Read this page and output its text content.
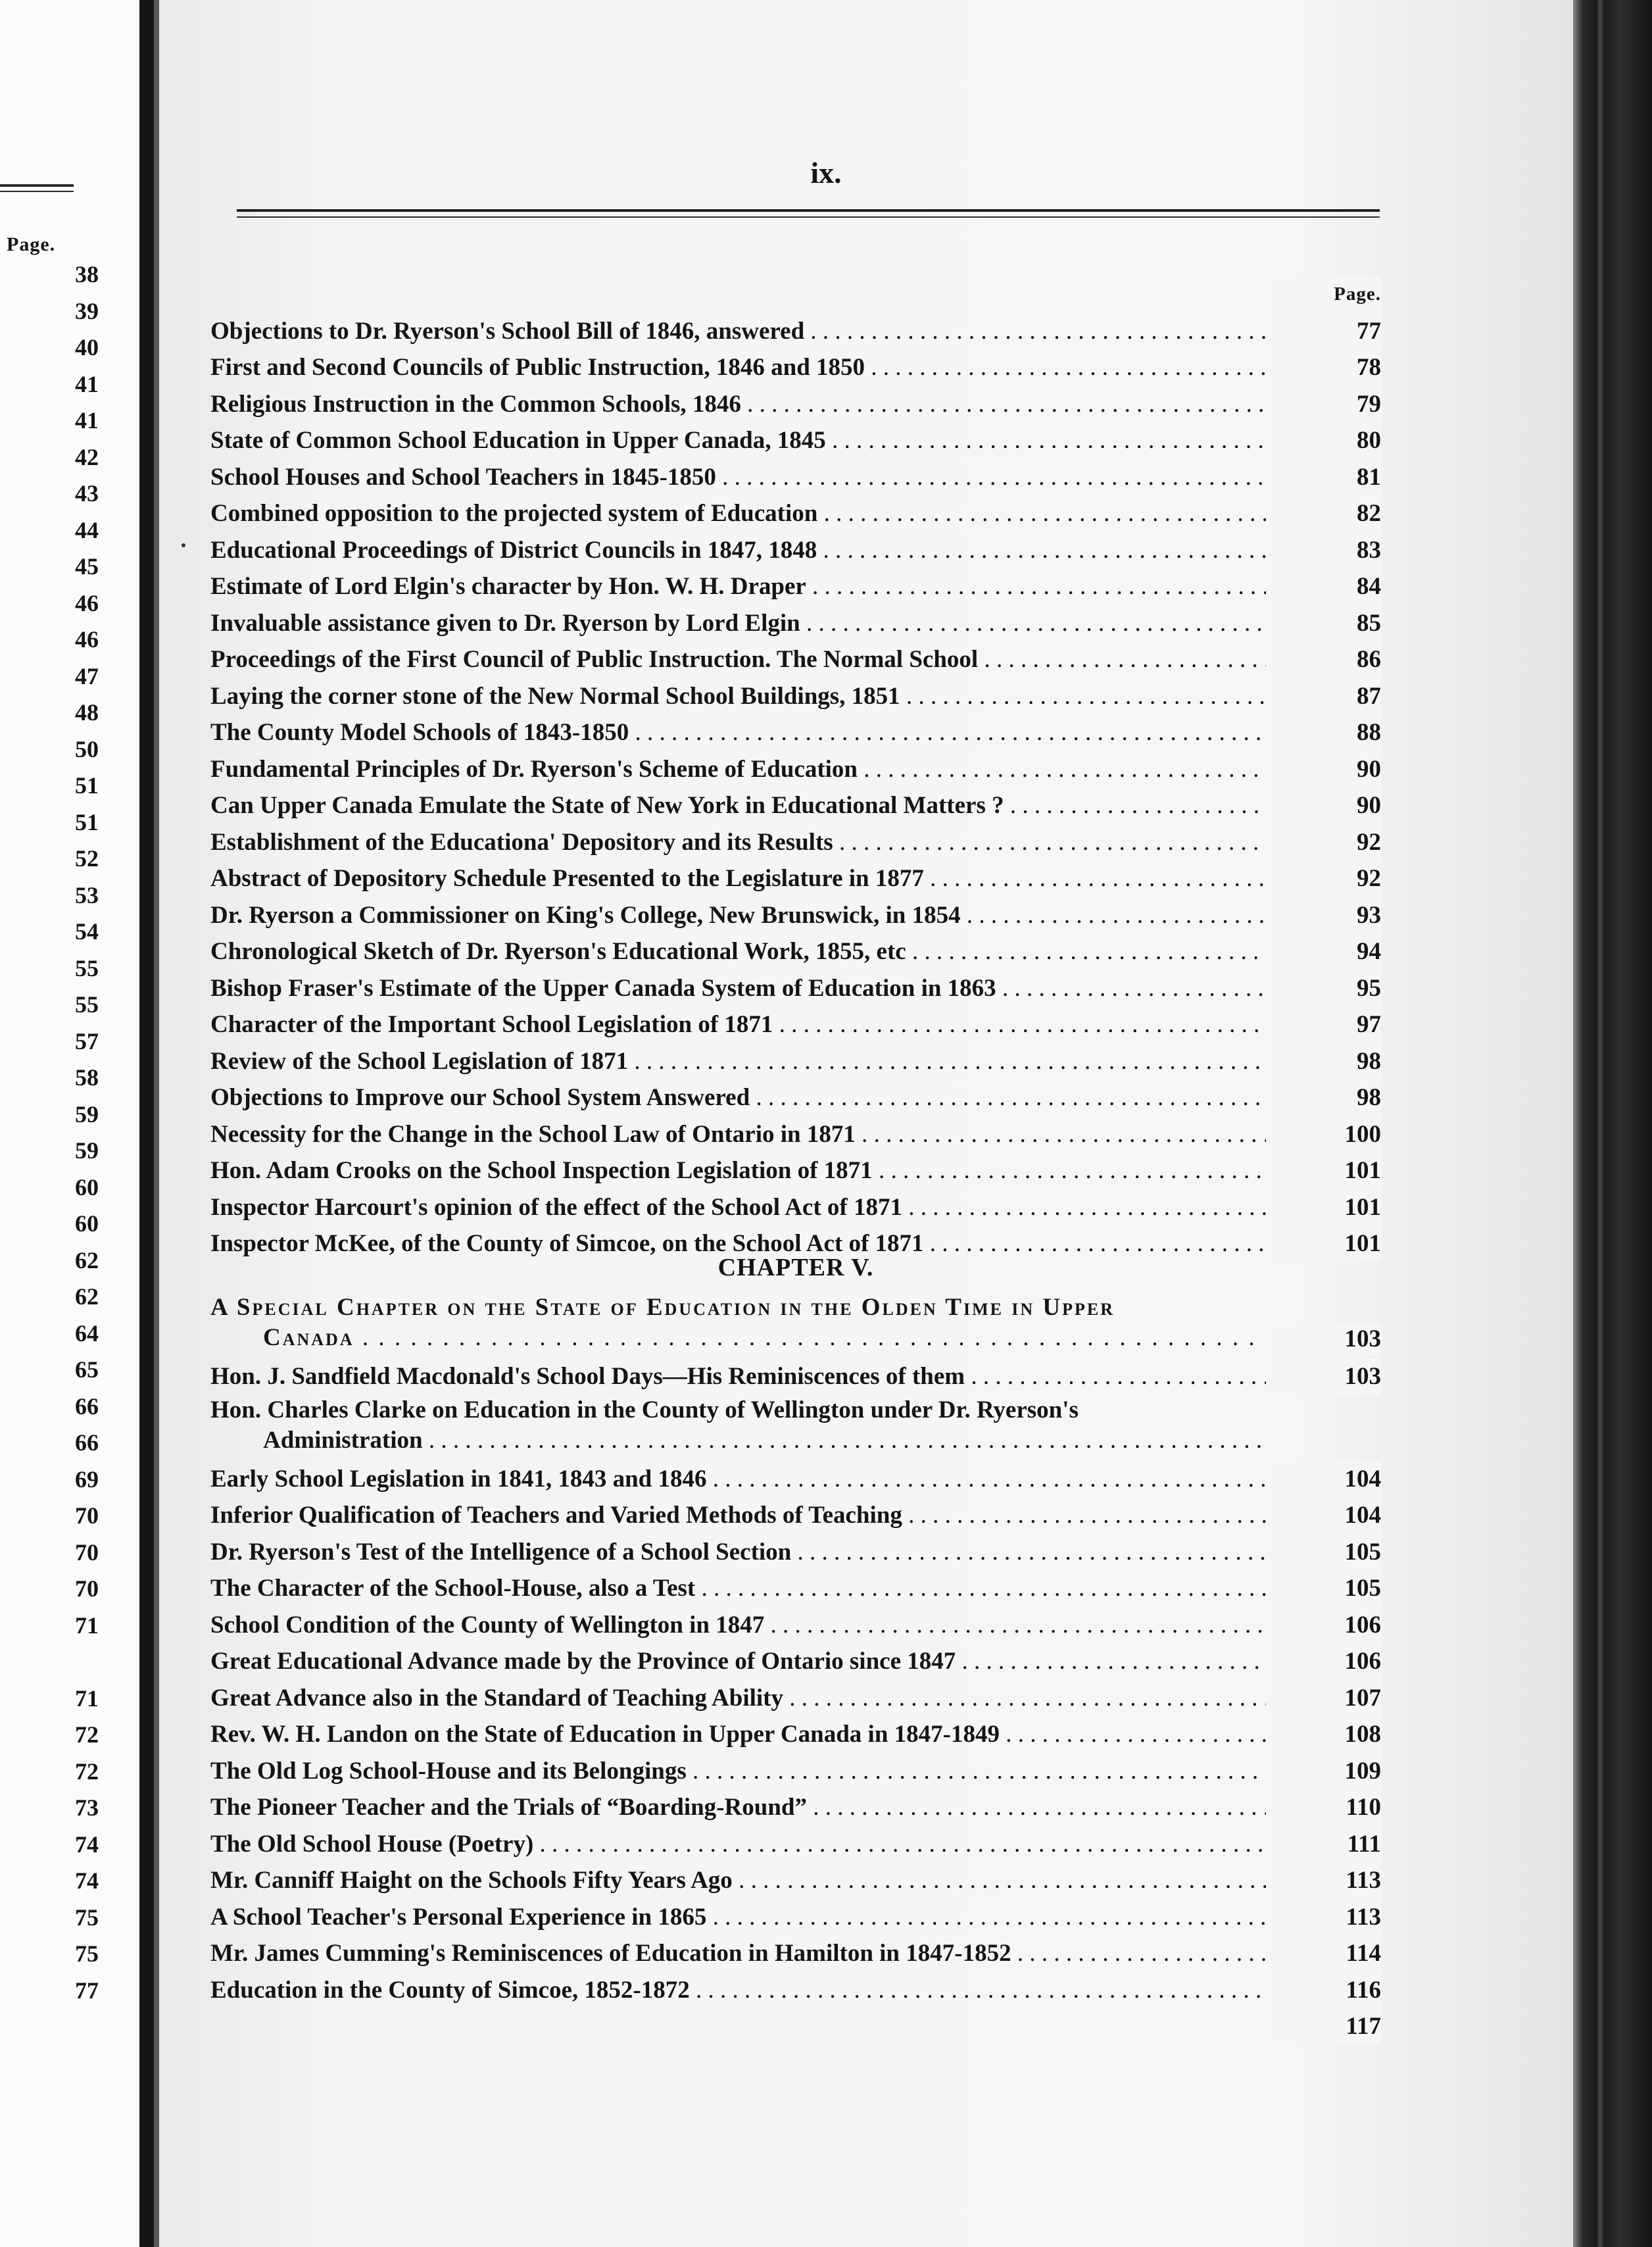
Page.
38
39
40
41
41
42
43
44
45
46
46
47
48
50
51
51
52
53
54
55
55
57
58
59
59
60
60
62
62
64
65
66
66
69
70
70
70
71
71
72
72
73
74
74
75
75
77
ix.
Page.
Objections to Dr. Ryerson's School Bill of 1846, answered . . .	77
First and Second Councils of Public Instruction, 1846 and 1850 . . .	78
Religious Instruction in the Common Schools, 1846 . . .	79
State of Common School Education in Upper Canada, 1845 . . .	80
School Houses and School Teachers in 1845-1850 . . .	81
Combined opposition to the projected system of Education . . .	82
Educational Proceedings of District Councils in 1847, 1848 . . .	83
Estimate of Lord Elgin's character by Hon. W. H. Draper . . .	84
Invaluable assistance given to Dr. Ryerson by Lord Elgin . . .	85
Proceedings of the First Council of Public Instruction. The Normal School . . .	86
Laying the corner stone of the New Normal School Buildings, 1851 . . .	87
The County Model Schools of 1843-1850 . . .	88
Fundamental Principles of Dr. Ryerson's Scheme of Education . . .	90
Can Upper Canada Emulate the State of New York in Educational Matters ? . . .	90
Establishment of the Educationa' Depository and its Results . . .	92
Abstract of Depository Schedule Presented to the Legislature in 1877 . . .	92
Dr. Ryerson a Commissioner on King's College, New Brunswick, in 1854 . . .	93
Chronological Sketch of Dr. Ryerson's Educational Work, 1855, etc . . .	94
Bishop Fraser's Estimate of the Upper Canada System of Education in 1863 . . .	95
Character of the Important School Legislation of 1871 . . .	97
Review of the School Legislation of 1871 . . .	98
Objections to Improve our School System Answered . . .	98
Necessity for the Change in the School Law of Ontario in 1871 . . .	100
Hon. Adam Crooks on the School Inspection Legislation of 1871 . . .	101
Inspector Harcourt's opinion of the effect of the School Act of 1871 . . .	101
Inspector McKee, of the County of Simcoe, on the School Act of 1871 . . .	101
CHAPTER V.
A Special Chapter on the State of Education in the Olden Time in Upper
Canada . . .	103
Hon. J. Sandfield Macdonald's School Days—His Reminiscences of them . . .	103
Hon. Charles Clarke on Education in the County of Wellington under Dr. Ryerson's
Administration . . .
Early School Legislation in 1841, 1843 and 1846 . . .	104
Inferior Qualification of Teachers and Varied Methods of Teaching . . .	104
Dr. Ryerson's Test of the Intelligence of a School Section . . .	105
The Character of the School-House, also a Test . . .	105
School Condition of the County of Wellington in 1847 . . .	106
Great Educational Advance made by the Province of Ontario since 1847 . . .	106
Great Advance also in the Standard of Teaching Ability . . .	107
Rev. W. H. Landon on the State of Education in Upper Canada in 1847-1849 . . .	108
The Old Log School-House and its Belongings . . .	109
The Pioneer Teacher and the Trials of “Boarding-Round” . . .	110
The Old School House (Poetry) . . .	111
Mr. Canniff Haight on the Schools Fifty Years Ago . . .	113
A School Teacher's Personal Experience in 1865 . . .	113
Mr. James Cumming's Reminiscences of Education in Hamilton in 1847-1852 . . .	114
Education in the County of Simcoe, 1852-1872 . . .	116
117
